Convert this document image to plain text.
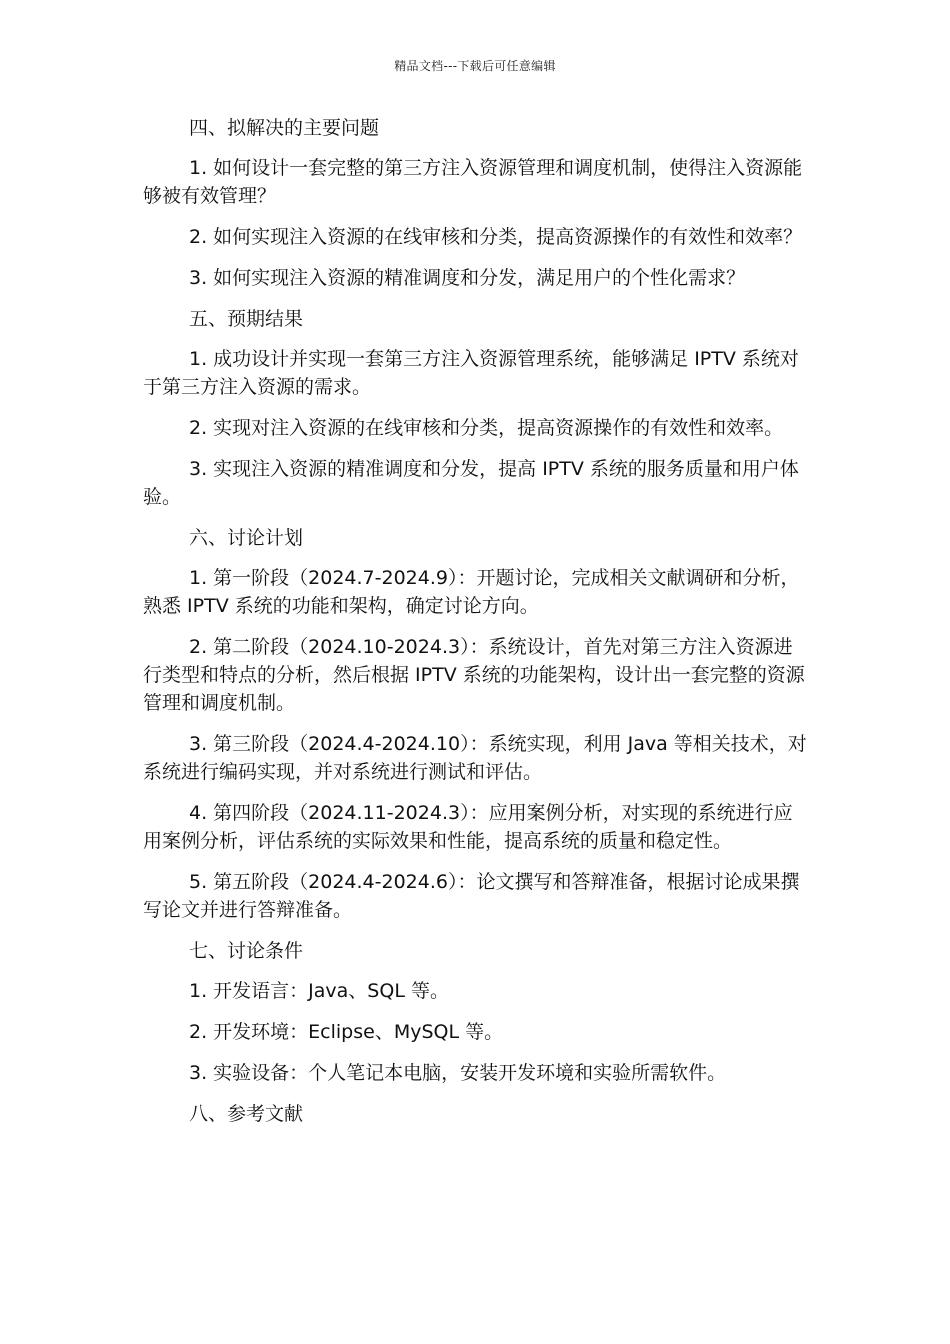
精品文档---下载后可任意编辑

四、拟解决的主要问题

1. 如何设计一套完整的第三方注入资源管理和调度机制，使得注入资源能够被有效管理？

2. 如何实现注入资源的在线审核和分类，提高资源操作的有效性和效率？

3. 如何实现注入资源的精准调度和分发，满足用户的个性化需求？

五、预期结果

1. 成功设计并实现一套第三方注入资源管理系统，能够满足 IPTV 系统对于第三方注入资源的需求。

2. 实现对注入资源的在线审核和分类，提高资源操作的有效性和效率。

3. 实现注入资源的精准调度和分发，提高 IPTV 系统的服务质量和用户体验。

六、讨论计划

1. 第一阶段（2024.7-2024.9）：开题讨论，完成相关文献调研和分析，熟悉 IPTV 系统的功能和架构，确定讨论方向。

2. 第二阶段（2024.10-2024.3）：系统设计，首先对第三方注入资源进行类型和特点的分析，然后根据 IPTV 系统的功能架构，设计出一套完整的资源管理和调度机制。

3. 第三阶段（2024.4-2024.10）：系统实现，利用 Java 等相关技术，对系统进行编码实现，并对系统进行测试和评估。

4. 第四阶段（2024.11-2024.3）：应用案例分析，对实现的系统进行应用案例分析，评估系统的实际效果和性能，提高系统的质量和稳定性。

5. 第五阶段（2024.4-2024.6）：论文撰写和答辩准备，根据讨论成果撰写论文并进行答辩准备。

七、讨论条件

1. 开发语言：Java、SQL 等。

2. 开发环境：Eclipse、MySQL 等。

3. 实验设备：个人笔记本电脑，安装开发环境和实验所需软件。

八、参考文献
